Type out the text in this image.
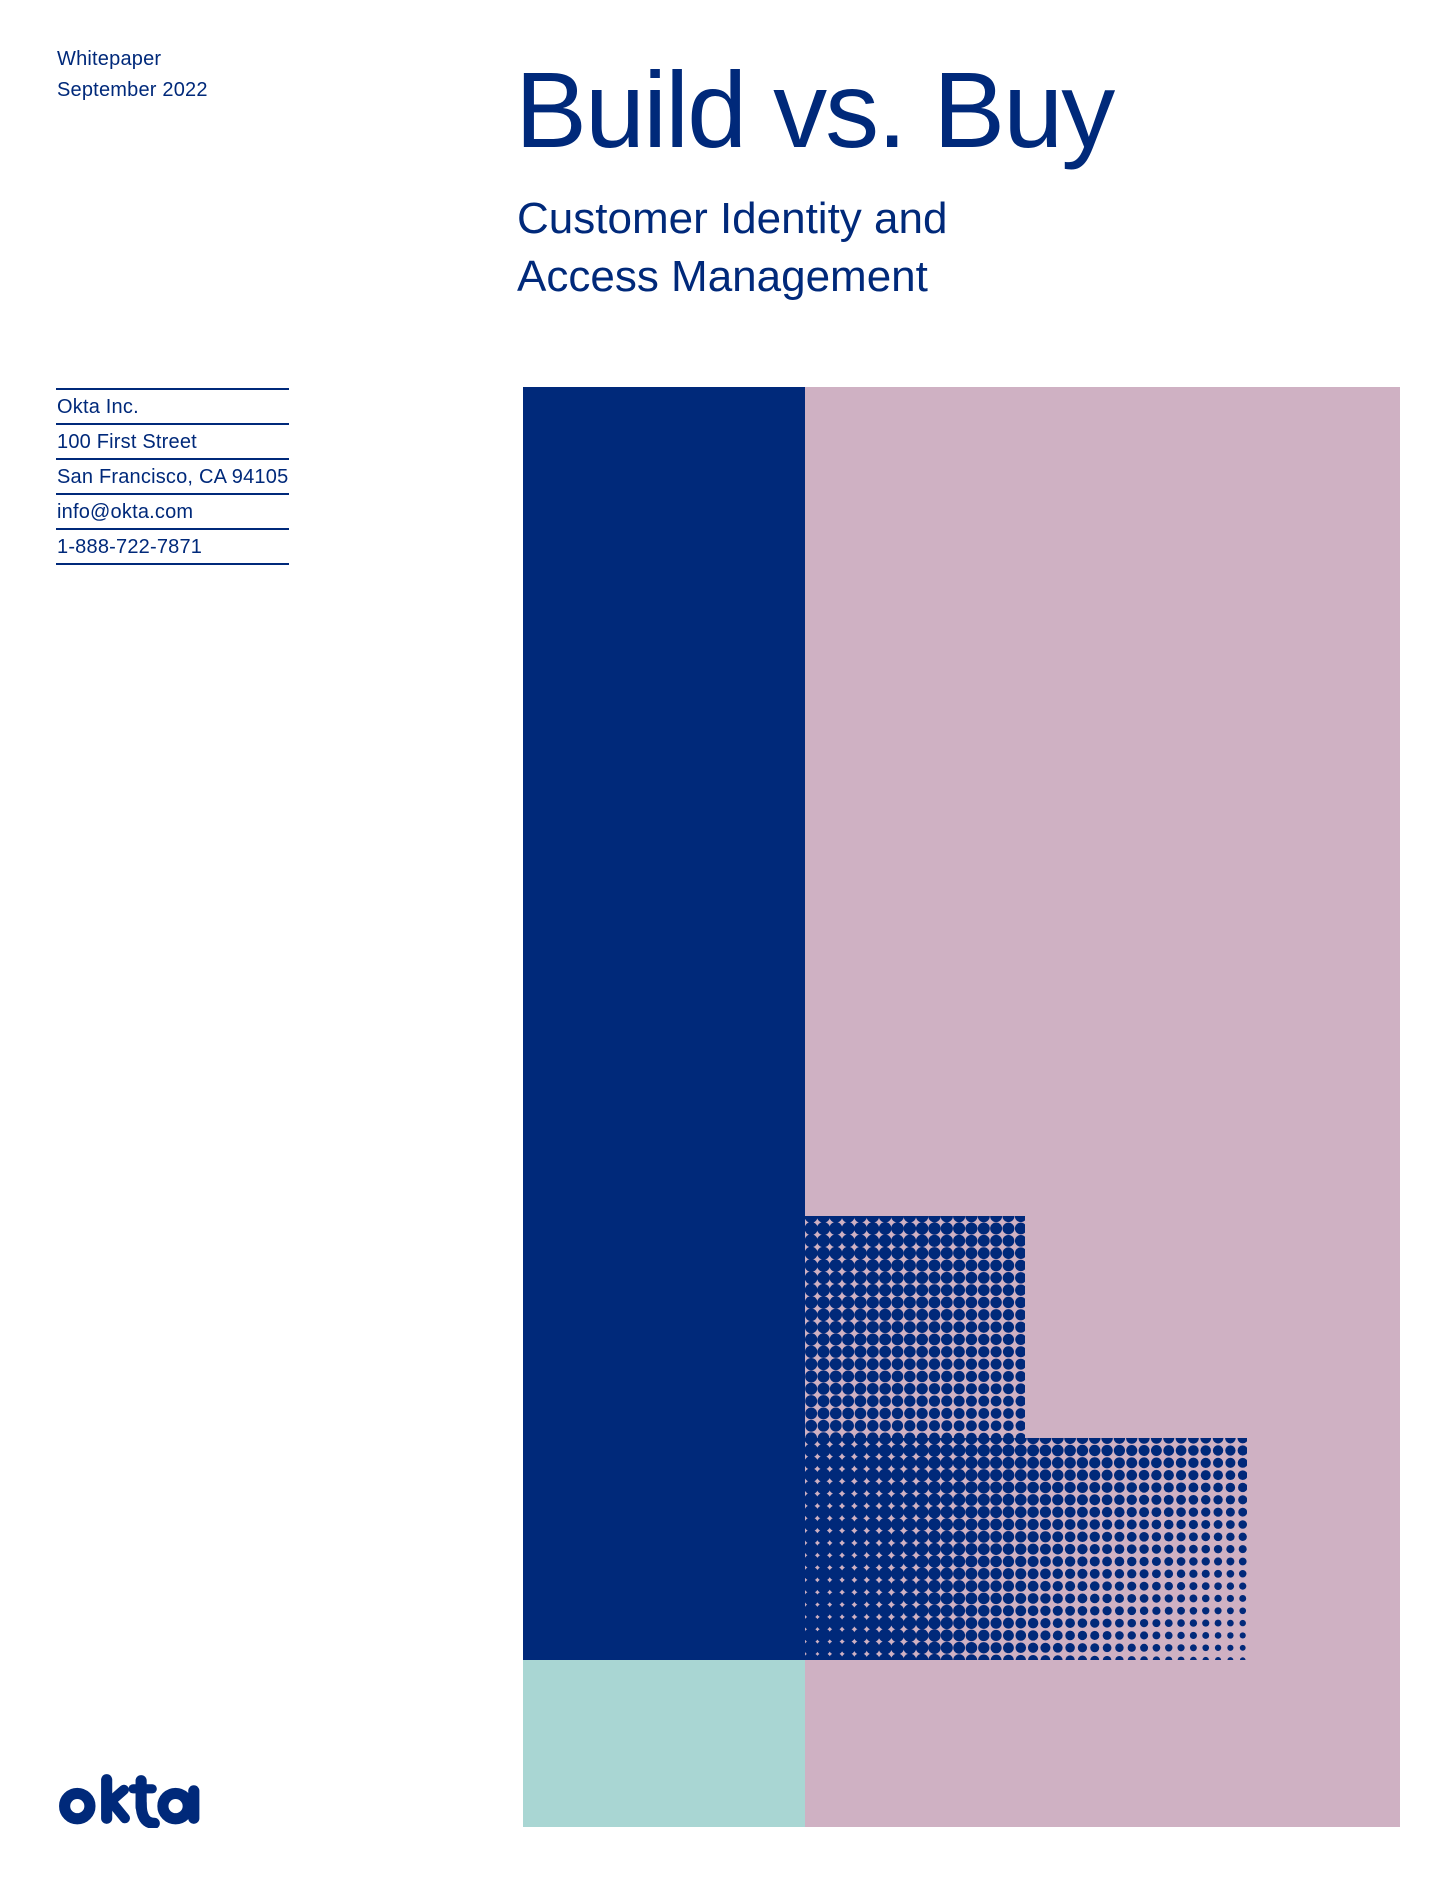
Whitepaper
September 2022	Build vs. Buy
Customer Identity and
Access Management
Okta Inc.
100 First Street
San Francisco, CA 94105
info@okta.com
1-888-722-7871
